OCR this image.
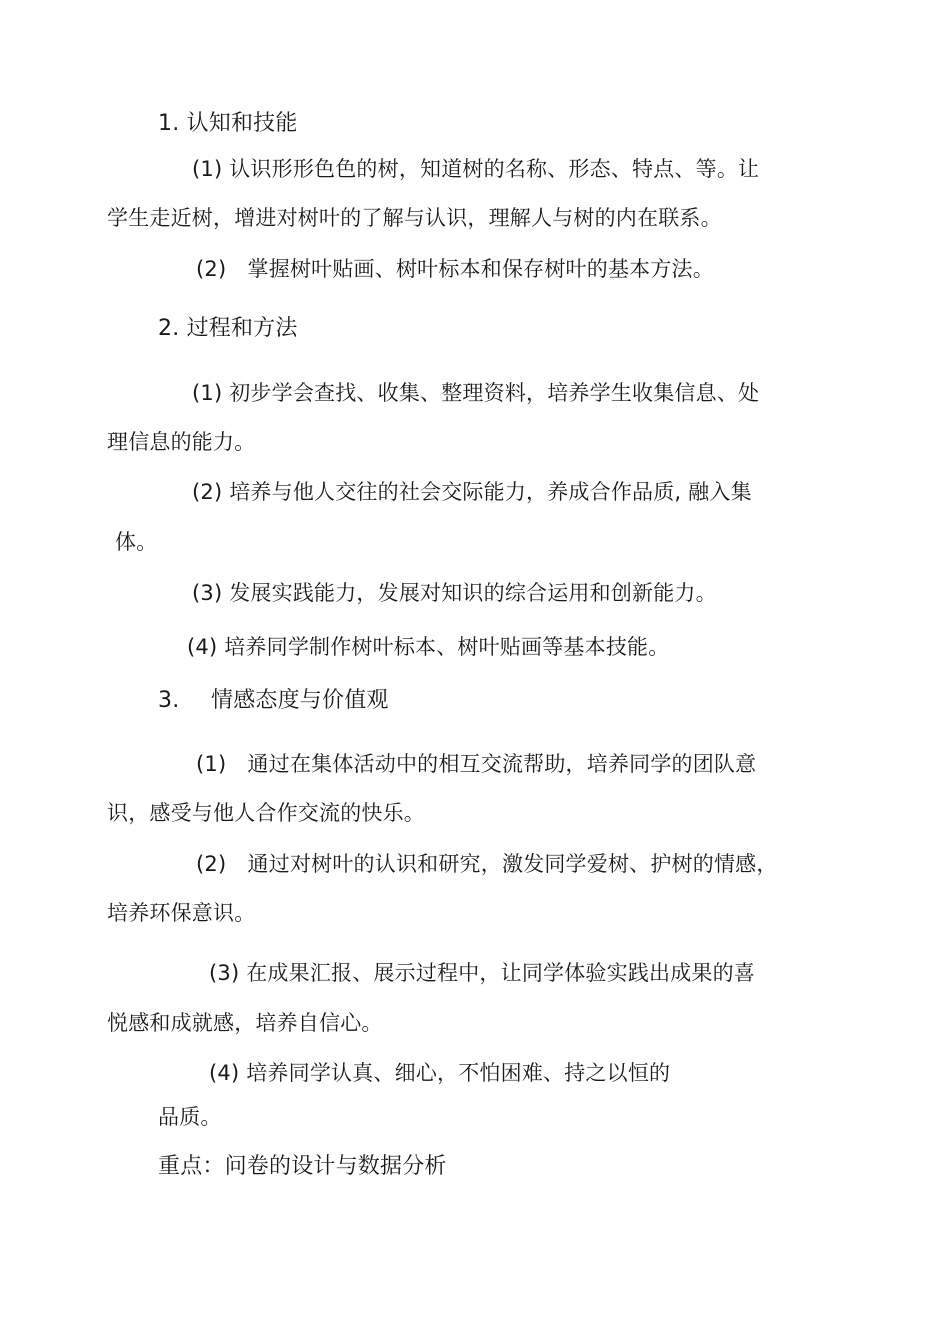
1. 认知和技能
(1) 认识形形色色的树，知道树的名称、形态、特点、等。让
学生走近树，增进对树叶的了解与认识，理解人与树的内在联系。
(2)　掌握树叶贴画、树叶标本和保存树叶的基本方法。
2. 过程和方法
(1) 初步学会查找、收集、整理资料，培养学生收集信息、处
理信息的能力。
(2) 培养与他人交往的社会交际能力，养成合作品质, 融入集
体。
(3) 发展实践能力，发展对知识的综合运用和创新能力。
(4) 培养同学制作树叶标本、树叶贴画等基本技能。
3. 情感态度与价值观
(1)　通过在集体活动中的相互交流帮助，培养同学的团队意
识，感受与他人合作交流的快乐。
(2)　通过对树叶的认识和研究，激发同学爱树、护树的情感，
培养环保意识。
(3) 在成果汇报、展示过程中，让同学体验实践出成果的喜
悦感和成就感，培养自信心。
(4) 培养同学认真、细心，不怕困难、持之以恒的
品质。
重点：问卷的设计与数据分析
